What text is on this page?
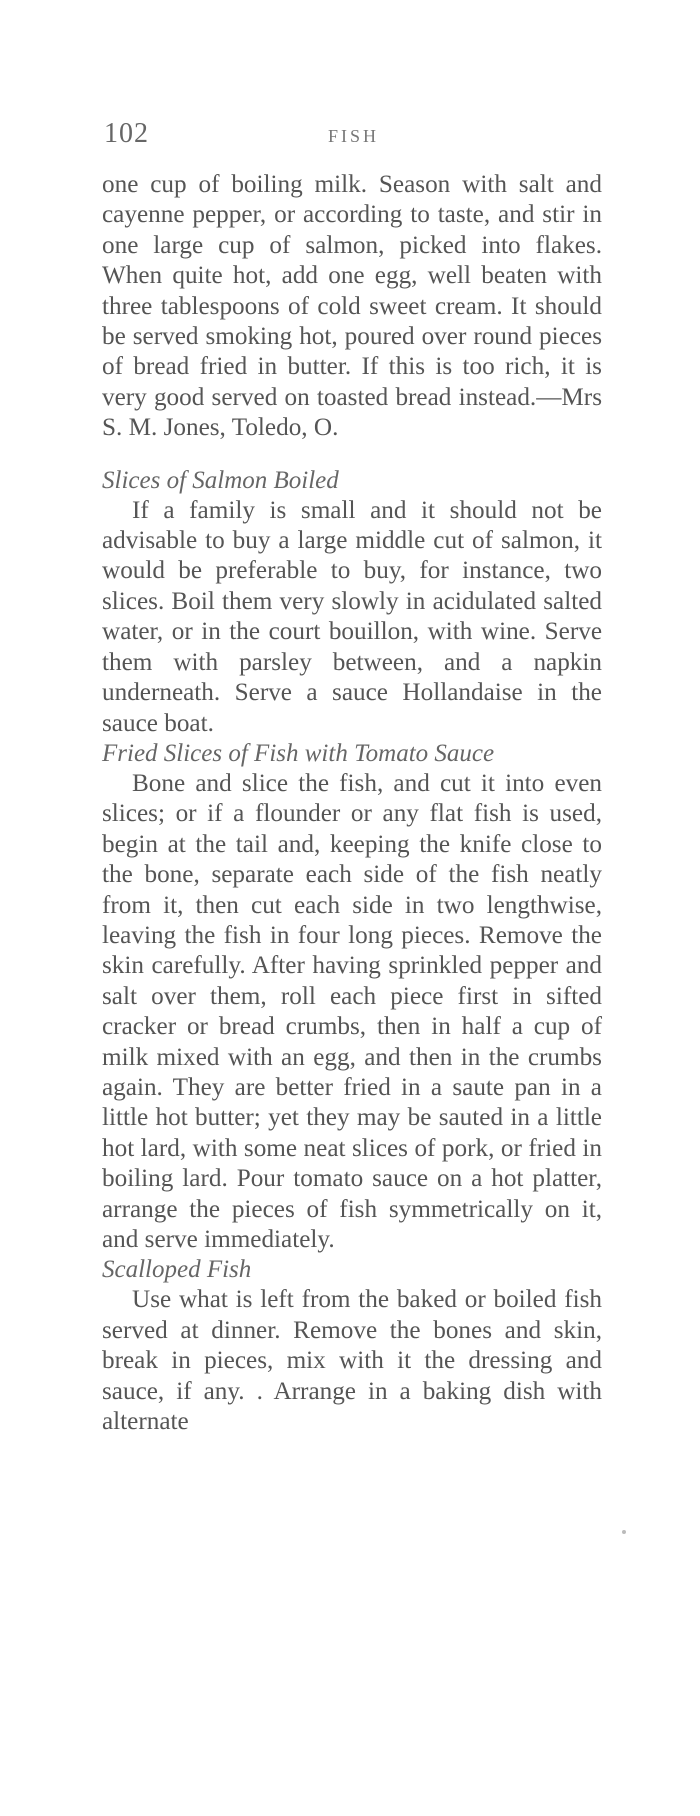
102	FISH

one cup of boiling milk. Season with salt and cayenne pepper, or according to taste, and stir in one large cup of salmon, picked into flakes. When quite hot, add one egg, well beaten with three tablespoons of cold sweet cream. It should be served smoking hot, poured over round pieces of bread fried in butter. If this is too rich, it is very good served on toasted bread instead.—Mrs S. M. Jones, Toledo, O.

Slices of Salmon Boiled

If a family is small and it should not be advisable to buy a large middle cut of salmon, it would be preferable to buy, for instance, two slices. Boil them very slowly in acidulated salted water, or in the court bouillon, with wine. Serve them with parsley between, and a napkin underneath. Serve a sauce Hollandaise in the sauce boat.

Fried Slices of Fish with Tomato Sauce

Bone and slice the fish, and cut it into even slices; or if a flounder or any flat fish is used, begin at the tail and, keeping the knife close to the bone, separate each side of the fish neatly from it, then cut each side in two lengthwise, leaving the fish in four long pieces. Remove the skin carefully. After having sprinkled pepper and salt over them, roll each piece first in sifted cracker or bread crumbs, then in half a cup of milk mixed with an egg, and then in the crumbs again. They are better fried in a saute pan in a little hot butter; yet they may be sauted in a little hot lard, with some neat slices of pork, or fried in boiling lard. Pour tomato sauce on a hot platter, arrange the pieces of fish symmetrically on it, and serve immediately.

Scalloped Fish

Use what is left from the baked or boiled fish served at dinner. Remove the bones and skin, break in pieces, mix with it the dressing and sauce, if any. . Arrange in a baking dish with alternate
